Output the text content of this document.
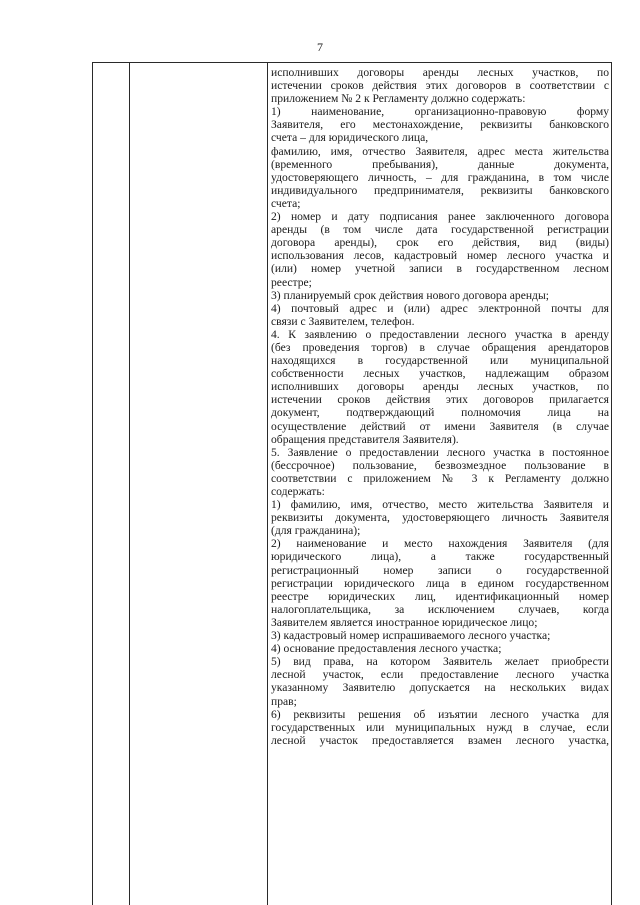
7
исполнивших договоры аренды лесных участков, по
истечении сроков действия этих договоров в соответствии с
приложением № 2 к Регламенту должно содержать:
1) наименование, организационно-правовую форму
Заявителя, его местонахождение, реквизиты банковского
счета – для юридического лица,
фамилию, имя, отчество Заявителя, адрес места жительства
(временного пребывания), данные документа,
удостоверяющего личность, – для гражданина, в том числе
индивидуального предпринимателя, реквизиты банковского
счета;
2) номер и дату подписания ранее заключенного договора
аренды (в том числе дата государственной регистрации
договора аренды), срок его действия, вид (виды)
использования лесов, кадастровый номер лесного участка и
(или) номер учетной записи в государственном лесном
реестре;
3) планируемый срок действия нового договора аренды;
4) почтовый адрес и (или) адрес электронной почты для
связи с Заявителем, телефон.
4. К заявлению о предоставлении лесного участка в аренду
(без проведения торгов) в случае обращения арендаторов
находящихся в государственной или муниципальной
собственности лесных участков, надлежащим образом
исполнивших договоры аренды лесных участков, по
истечении сроков действия этих договоров прилагается
документ, подтверждающий полномочия лица на
осуществление действий от имени Заявителя (в случае
обращения представителя Заявителя).
5. Заявление о предоставлении лесного участка в постоянное
(бессрочное) пользование, безвозмездное пользование в
соответствии с приложением № 3 к Регламенту должно
содержать:
1) фамилию, имя, отчество, место жительства Заявителя и
реквизиты документа, удостоверяющего личность Заявителя
(для гражданина);
2) наименование и место нахождения Заявителя (для
юридического лица), а также государственный
регистрационный номер записи о государственной
регистрации юридического лица в едином государственном
реестре юридических лиц, идентификационный номер
налогоплательщика, за исключением случаев, когда
Заявителем является иностранное юридическое лицо;
3) кадастровый номер испрашиваемого лесного участка;
4) основание предоставления лесного участка;
5) вид права, на котором Заявитель желает приобрести
лесной участок, если предоставление лесного участка
указанному Заявителю допускается на нескольких видах
прав;
6) реквизиты решения об изъятии лесного участка для
государственных или муниципальных нужд в случае, если
лесной участок предоставляется взамен лесного участка,
